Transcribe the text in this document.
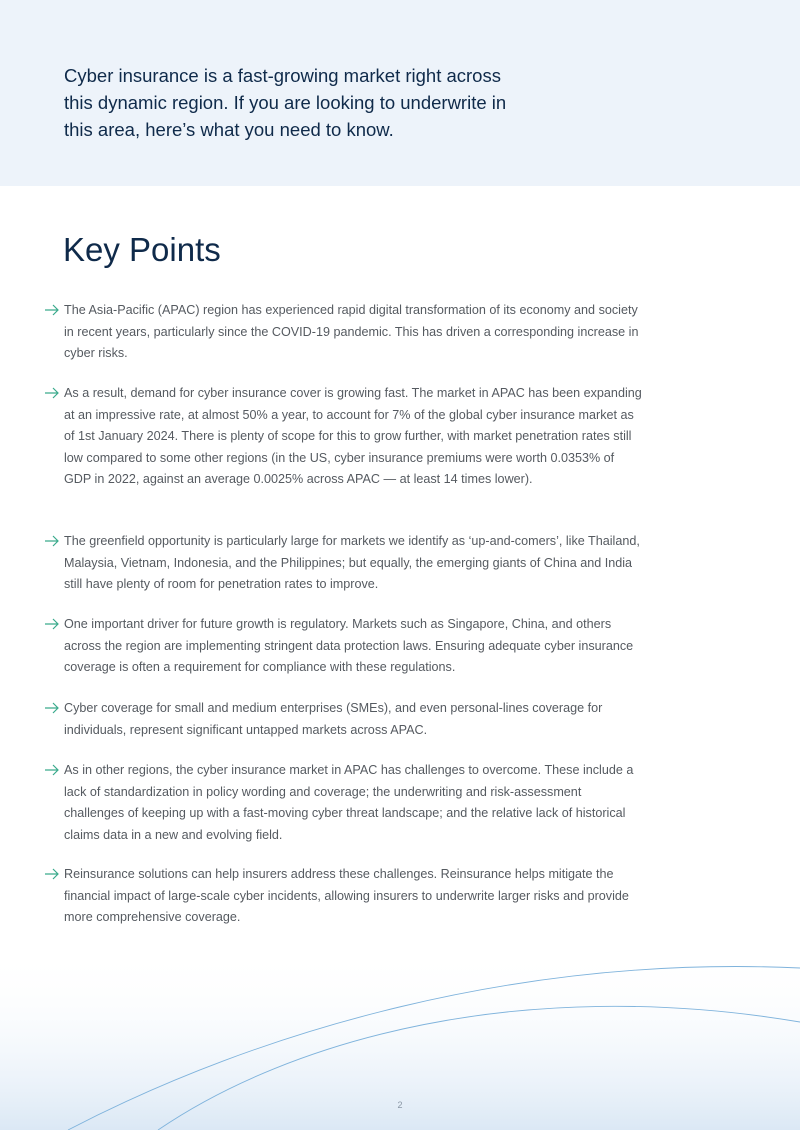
Cyber insurance is a fast-growing market right across this dynamic region. If you are looking to underwrite in this area, here’s what you need to know.
Key Points
The Asia-Pacific (APAC) region has experienced rapid digital transformation of its economy and society in recent years, particularly since the COVID-19 pandemic. This has driven a corresponding increase in cyber risks.
As a result, demand for cyber insurance cover is growing fast. The market in APAC has been expanding at an impressive rate, at almost 50% a year, to account for 7% of the global cyber insurance market as of 1st January 2024. There is plenty of scope for this to grow further, with market penetration rates still low compared to some other regions (in the US, cyber insurance premiums were worth 0.0353% of GDP in 2022, against an average 0.0025% across APAC — at least 14 times lower).
The greenfield opportunity is particularly large for markets we identify as ‘up-and-comers’, like Thailand, Malaysia, Vietnam, Indonesia, and the Philippines; but equally, the emerging giants of China and India still have plenty of room for penetration rates to improve.
One important driver for future growth is regulatory. Markets such as Singapore, China, and others across the region are implementing stringent data protection laws. Ensuring adequate cyber insurance coverage is often a requirement for compliance with these regulations.
Cyber coverage for small and medium enterprises (SMEs), and even personal-lines coverage for individuals, represent significant untapped markets across APAC.
As in other regions, the cyber insurance market in APAC has challenges to overcome. These include a lack of standardization in policy wording and coverage; the underwriting and risk-assessment challenges of keeping up with a fast-moving cyber threat landscape; and the relative lack of historical claims data in a new and evolving field.
Reinsurance solutions can help insurers address these challenges. Reinsurance helps mitigate the financial impact of large-scale cyber incidents, allowing insurers to underwrite larger risks and provide more comprehensive coverage.
2
